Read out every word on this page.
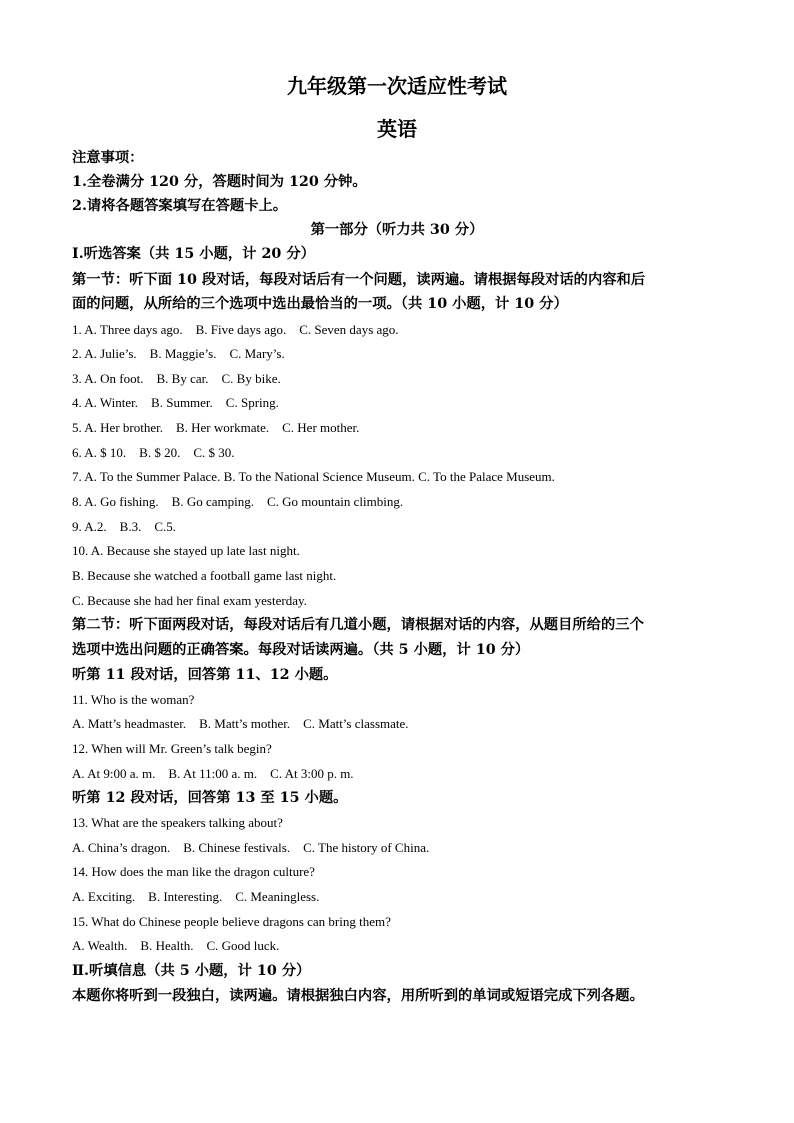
九年级第一次适应性考试
英语
注意事项：
1.全卷满分 120 分，答题时间为 120 分钟。
2.请将各题答案填写在答题卡上。
第一部分（听力共 30 分）
Ⅰ.听选答案（共 15 小题，计 20 分）
第一节：听下面 10 段对话，每段对话后有一个问题，读两遍。请根据每段对话的内容和后
面的问题，从所给的三个选项中选出最恰当的一项。（共 10 小题，计 10 分）
1. A. Three days ago.    B. Five days ago.    C. Seven days ago.
2. A. Julie’s.    B. Maggie’s.    C. Mary’s.
3. A. On foot.    B. By car.    C. By bike.
4. A. Winter.    B. Summer.    C. Spring.
5. A. Her brother.    B. Her workmate.    C. Her mother.
6. A. $ 10.    B. $ 20.    C. $ 30.
7. A. To the Summer Palace. B. To the National Science Museum. C. To the Palace Museum.
8. A. Go fishing.    B. Go camping.    C. Go mountain climbing.
9. A.2.    B.3.    C.5.
10. A. Because she stayed up late last night.
B. Because she watched a football game last night.
C. Because she had her final exam yesterday.
第二节：听下面两段对话，每段对话后有几道小题，请根据对话的内容，从题目所给的三个
选项中选出问题的正确答案。每段对话读两遍。（共 5 小题，计 10 分）
听第 11 段对话，回答第 11、12 小题。
11. Who is the woman?
A. Matt’s headmaster.    B. Matt’s mother.    C. Matt’s classmate.
12. When will Mr. Green’s talk begin?
A. At 9:00 a. m.    B. At 11:00 a. m.    C. At 3:00 p. m.
听第 12 段对话，回答第 13 至 15 小题。
13. What are the speakers talking about?
A. China’s dragon.    B. Chinese festivals.    C. The history of China.
14. How does the man like the dragon culture?
A. Exciting.    B. Interesting.    C. Meaningless.
15. What do Chinese people believe dragons can bring them?
A. Wealth.    B. Health.    C. Good luck.
Ⅱ.听填信息（共 5 小题，计 10 分）
本题你将听到一段独白，读两遍。请根据独白内容，用所听到的单词或短语完成下列各题。
